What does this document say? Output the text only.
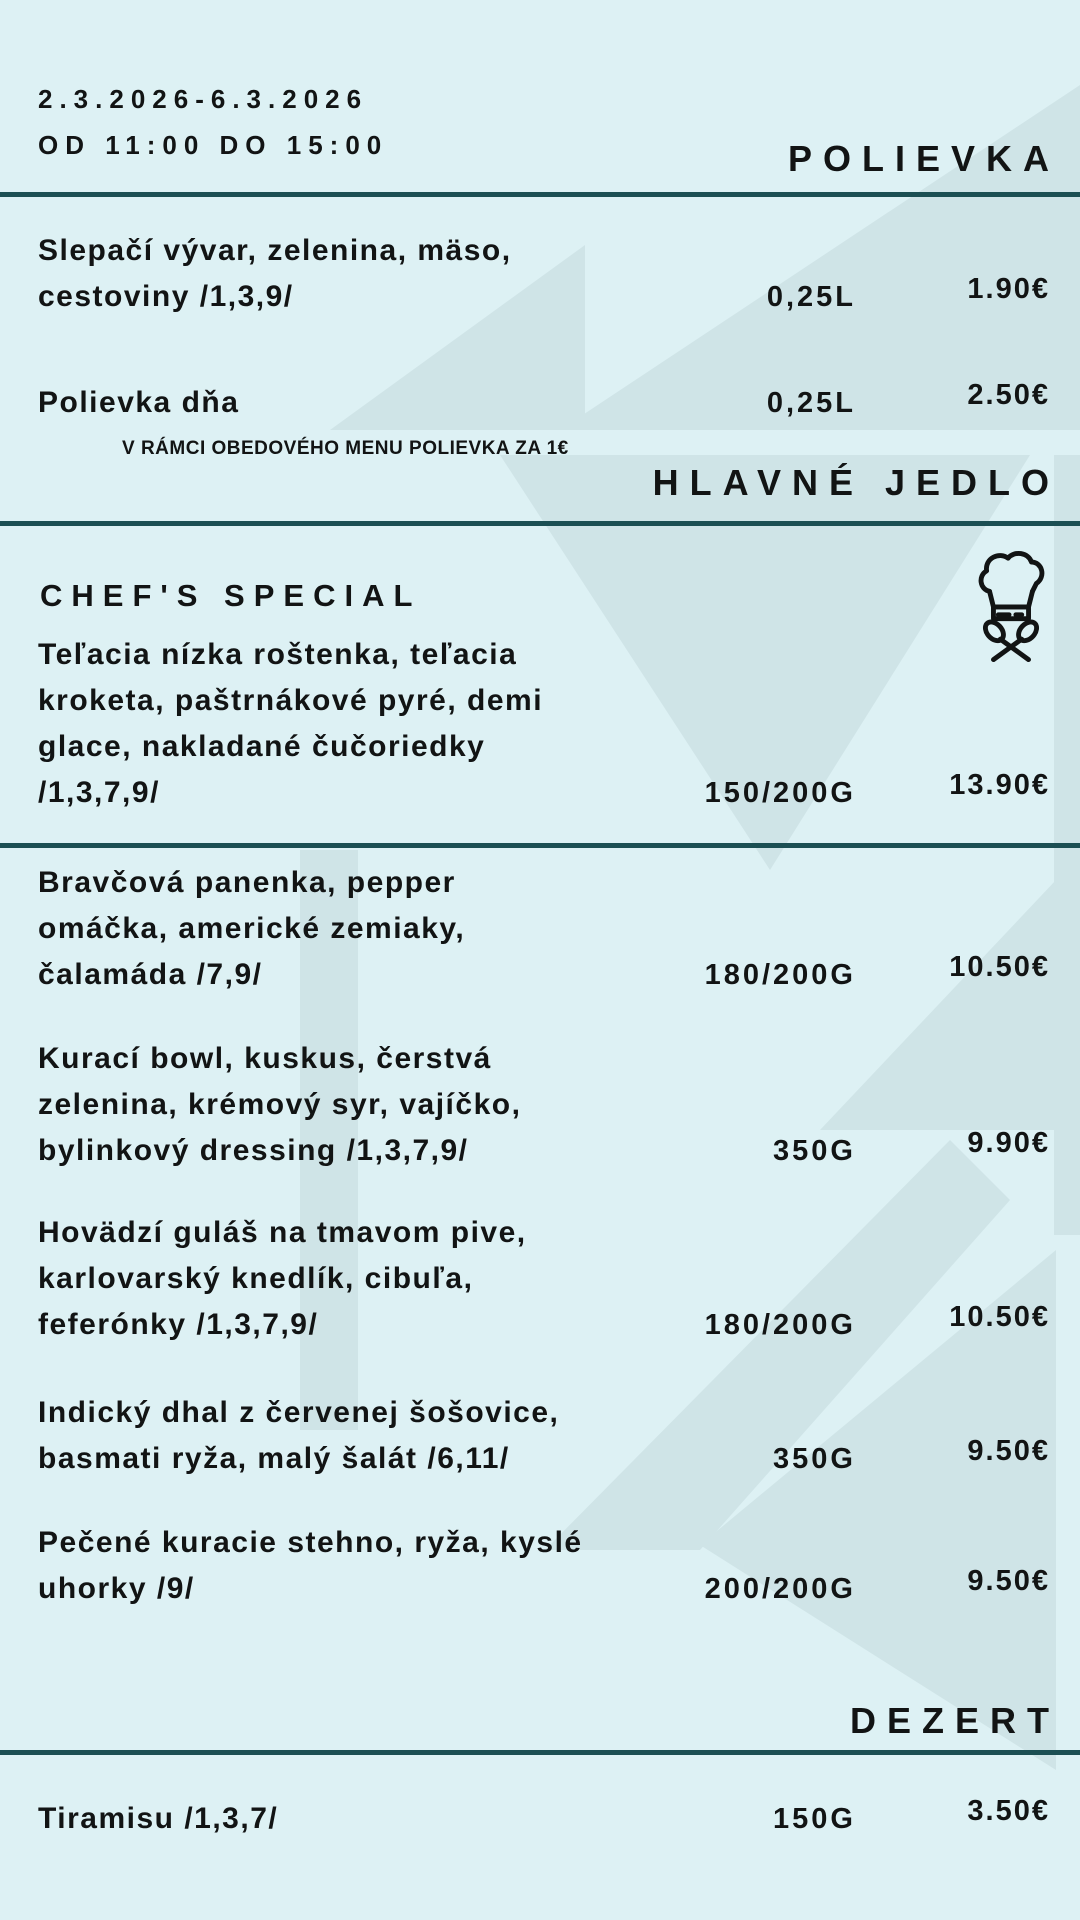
2.3.2026-6.3.2026
OD 11:00 DO 15:00	POLIEVKA
Slepačí vývar, zelenina, mäso,
cestoviny /1,3,9/	0,25L	1.90€
Polievka dňa	0,25L	2.50€
V RÁMCI OBEDOVÉHO MENU POLIEVKA ZA 1€
HLAVNÉ JEDLO
CHEF'S SPECIAL
Teľacia nízka roštenka, teľacia
kroketa, paštrnákové pyré, demi
glace, nakladané čučoriedky
/1,3,7,9/	150/200G	13.90€
Bravčová panenka, pepper
omáčka, americké zemiaky,
čalamáda /7,9/	180/200G	10.50€
Kurací bowl, kuskus, čerstvá
zelenina, krémový syr, vajíčko,
bylinkový dressing /1,3,7,9/	350G	9.90€
Hovädzí guláš na tmavom pive,
karlovarský knedlík, cibuľa,
feferónky /1,3,7,9/	180/200G	10.50€
Indický dhal z červenej šošovice,
basmati ryža, malý šalát /6,11/	350G	9.50€
Pečené kuracie stehno, ryža, kyslé
uhorky /9/	200/200G	9.50€
DEZERT
Tiramisu /1,3,7/	150G	3.50€
